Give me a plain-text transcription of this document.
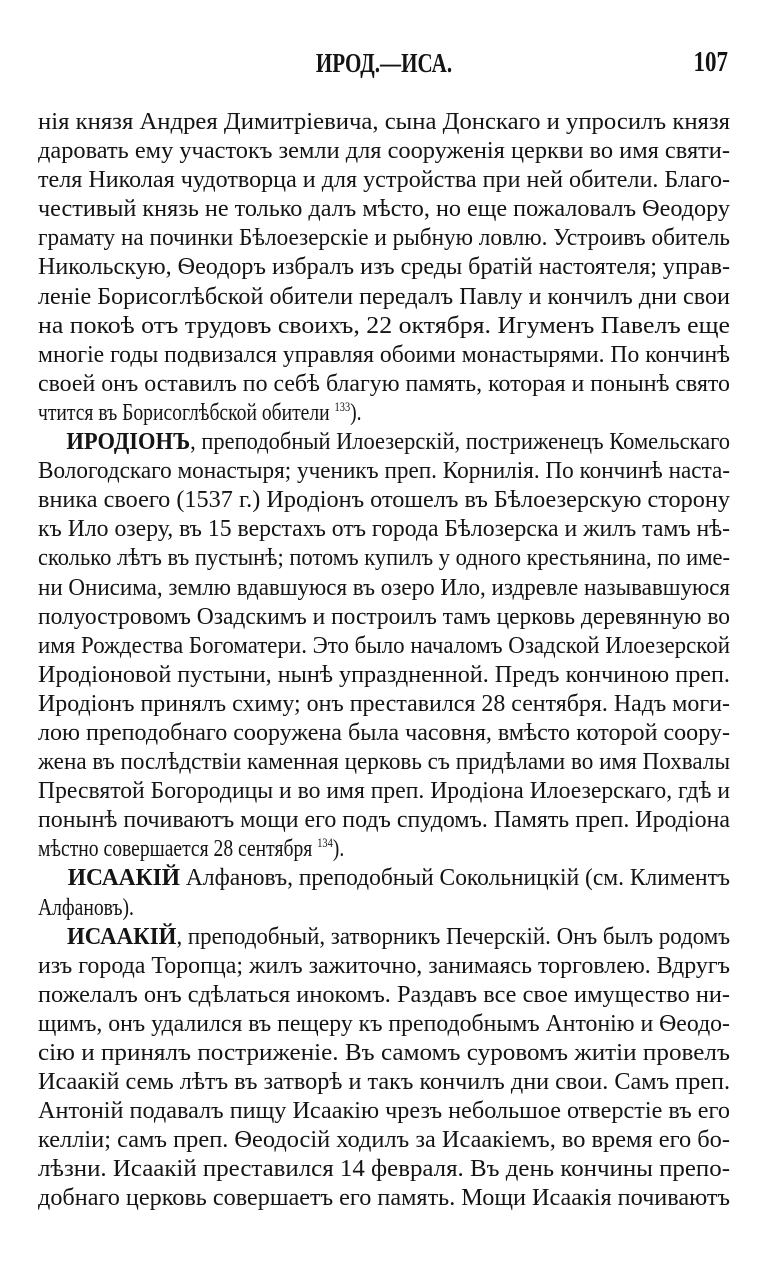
ИРОД.—ИСА.	107
нія князя Андрея Димитріевича, сына Донскаго и упросилъ князя
даровать ему участокъ земли для сооруженія церкви во имя святи-
теля Николая чудотворца и для устройства при ней обители. Благо-
честивый князь не только далъ мѣсто, но еще пожаловалъ Ѳеодору
грамату на починки Бѣлоезерскіе и рыбную ловлю. Устроивъ обитель
Никольскую, Ѳеодоръ избралъ изъ среды братій настоятеля; управ-
леніе Борисоглѣбской обители передалъ Павлу и кончилъ дни свои
на покоѣ отъ трудовъ своихъ, 22 октября. Игуменъ Павелъ еще
многіе годы подвизался управляя обоими монастырями. По кончинѣ
своей онъ оставилъ по себѣ благую память, которая и понынѣ свято
чтится въ Борисоглѣбской обители $^{133}$).
ИРОДІОНЪ, преподобный Илоезерскій, постриженецъ Комельскаго
Вологодскаго монастыря; ученикъ преп. Корнилія. По кончинѣ наста-
вника своего (1537 г.) Иродіонъ отошелъ въ Бѣлоезерскую сторону
къ Ило озеру, въ 15 верстахъ отъ города Бѣлозерска и жилъ тамъ нѣ-
сколько лѣтъ въ пустынѣ; потомъ купилъ у одного крестьянина, по име-
ни Онисима, землю вдавшуюся въ озеро Ило, издревле называвшуюся
полуостровомъ Озадскимъ и построилъ тамъ церковь деревянную во
имя Рождества Богоматери. Это было началомъ Озадской Илоезерской
Иродіоновой пустыни, нынѣ упраздненной. Предъ кончиною преп.
Иродіонъ принялъ схиму; онъ преставился 28 сентября. Надъ моги-
лою преподобнаго сооружена была часовня, вмѣсто которой соору-
жена въ послѣдствіи каменная церковь съ придѣлами во имя Похвалы
Пресвятой Богородицы и во имя преп. Иродіона Илоезерскаго, гдѣ и
понынѣ почиваютъ мощи его подъ спудомъ. Память преп. Иродіона
мѣстно совершается 28 сентября $^{134}$).
ИСААКІЙ Алфановъ, преподобный Сокольницкій (см. Климентъ
Алфановъ).
ИСААКІЙ, преподобный, затворникъ Печерскій. Онъ былъ родомъ
изъ города Торопца; жилъ зажиточно, занимаясь торговлею. Вдругъ
пожелалъ онъ сдѣлаться инокомъ. Раздавъ все свое имущество ни-
щимъ, онъ удалился въ пещеру къ преподобнымъ Антонію и Ѳеодо-
сію и принялъ постриженіе. Въ самомъ суровомъ житіи провелъ
Исаакій семь лѣтъ въ затворѣ и такъ кончилъ дни свои. Самъ преп.
Антоній подавалъ пищу Исаакію чрезъ небольшое отверстіе въ его
келліи; самъ преп. Ѳеодосій ходилъ за Исаакіемъ, во время его бо-
лѣзни. Исаакій преставился 14 февраля. Въ день кончины препо-
добнаго церковь совершаетъ его память. Мощи Исаакія почиваютъ
